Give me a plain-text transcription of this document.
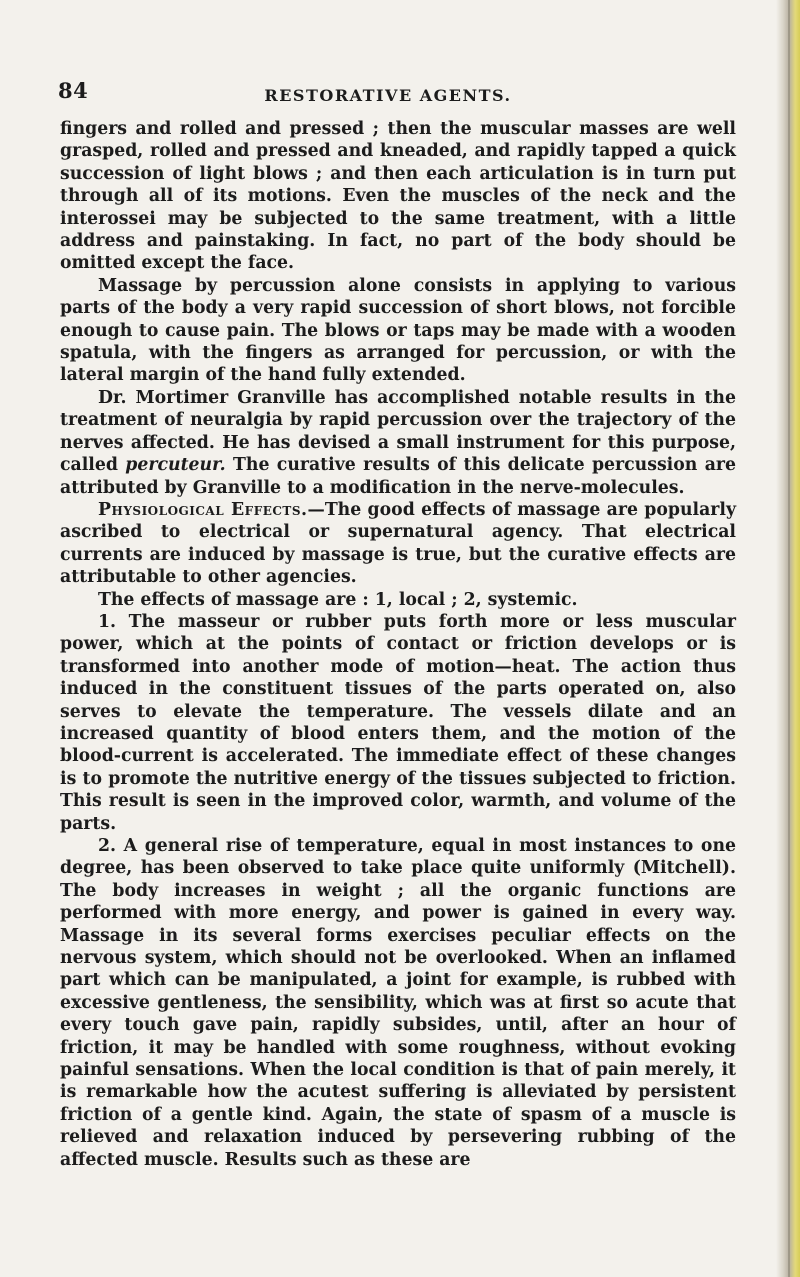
84	RESTORATIVE AGENTS.

fingers and rolled and pressed ; then the muscular masses are well grasped, rolled and pressed and kneaded, and rapidly tapped a quick succession of light blows ; and then each articulation is in turn put through all of its motions. Even the muscles of the neck and the interossei may be subjected to the same treatment, with a little address and painstaking. In fact, no part of the body should be omitted except the face.

Massage by percussion alone consists in applying to various parts of the body a very rapid succession of short blows, not forcible enough to cause pain. The blows or taps may be made with a wooden spatula, with the fingers as arranged for percussion, or with the lateral margin of the hand fully extended.

Dr. Mortimer Granville has accomplished notable results in the treatment of neuralgia by rapid percussion over the trajectory of the nerves affected. He has devised a small instrument for this purpose, called percuteur. The curative results of this delicate percussion are attributed by Granville to a modification in the nerve-molecules.

Physiological Effects.—The good effects of massage are popularly ascribed to electrical or supernatural agency. That electrical currents are induced by massage is true, but the curative effects are attributable to other agencies.

The effects of massage are : 1, local ; 2, systemic.

1. The masseur or rubber puts forth more or less muscular power, which at the points of contact or friction develops or is transformed into another mode of motion—heat. The action thus induced in the constituent tissues of the parts operated on, also serves to elevate the temperature. The vessels dilate and an increased quantity of blood enters them, and the motion of the blood-current is accelerated. The immediate effect of these changes is to promote the nutritive energy of the tissues subjected to friction. This result is seen in the improved color, warmth, and volume of the parts.

2. A general rise of temperature, equal in most instances to one degree, has been observed to take place quite uniformly (Mitchell). The body increases in weight ; all the organic functions are performed with more energy, and power is gained in every way. Massage in its several forms exercises peculiar effects on the nervous system, which should not be overlooked. When an inflamed part which can be manipulated, a joint for example, is rubbed with excessive gentleness, the sensibility, which was at first so acute that every touch gave pain, rapidly subsides, until, after an hour of friction, it may be handled with some roughness, without evoking painful sensations. When the local condition is that of pain merely, it is remarkable how the acutest suffering is alleviated by persistent friction of a gentle kind. Again, the state of spasm of a muscle is relieved and relaxation induced by persevering rubbing of the affected muscle. Results such as these are
